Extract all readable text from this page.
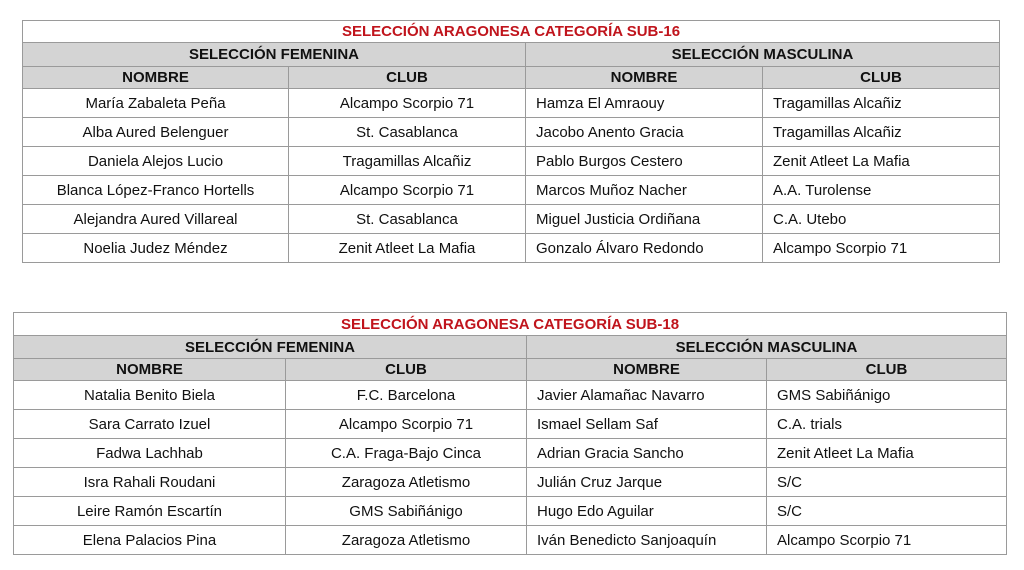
SELECCIÓN ARAGONESA CATEGORÍA SUB-16			
SELECCIÓN FEMENINA		SELECCIÓN MASCULINA	
NOMBRE	CLUB	NOMBRE	CLUB
María Zabaleta Peña	Alcampo Scorpio 71	Hamza El Amraouy	Tragamillas Alcañiz
Alba Aured Belenguer	St. Casablanca	Jacobo Anento Gracia	Tragamillas Alcañiz
Daniela Alejos Lucio	Tragamillas Alcañiz	Pablo Burgos Cestero	Zenit Atleet La Mafia
Blanca López-Franco Hortells	Alcampo Scorpio 71	Marcos Muñoz Nacher	A.A. Turolense
Alejandra Aured Villareal	St. Casablanca	Miguel Justicia Ordiñana	C.A. Utebo
Noelia Judez Méndez	Zenit Atleet La Mafia	Gonzalo Álvaro Redondo	Alcampo Scorpio 71
SELECCIÓN ARAGONESA CATEGORÍA SUB-18			
SELECCIÓN FEMENINA		SELECCIÓN MASCULINA	
NOMBRE	CLUB	NOMBRE	CLUB
Natalia Benito Biela	F.C. Barcelona	Javier Alamañac Navarro	GMS Sabiñánigo
Sara Carrato Izuel	Alcampo Scorpio 71	Ismael Sellam Saf	C.A. trials
Fadwa Lachhab	C.A. Fraga-Bajo Cinca	Adrian Gracia Sancho	Zenit Atleet La Mafia
Isra Rahali Roudani	Zaragoza Atletismo	Julián Cruz Jarque	S/C
Leire Ramón Escartín	GMS Sabiñánigo	Hugo Edo Aguilar	S/C
Elena Palacios Pina	Zaragoza Atletismo	Iván Benedicto Sanjoaquín	Alcampo Scorpio 71
